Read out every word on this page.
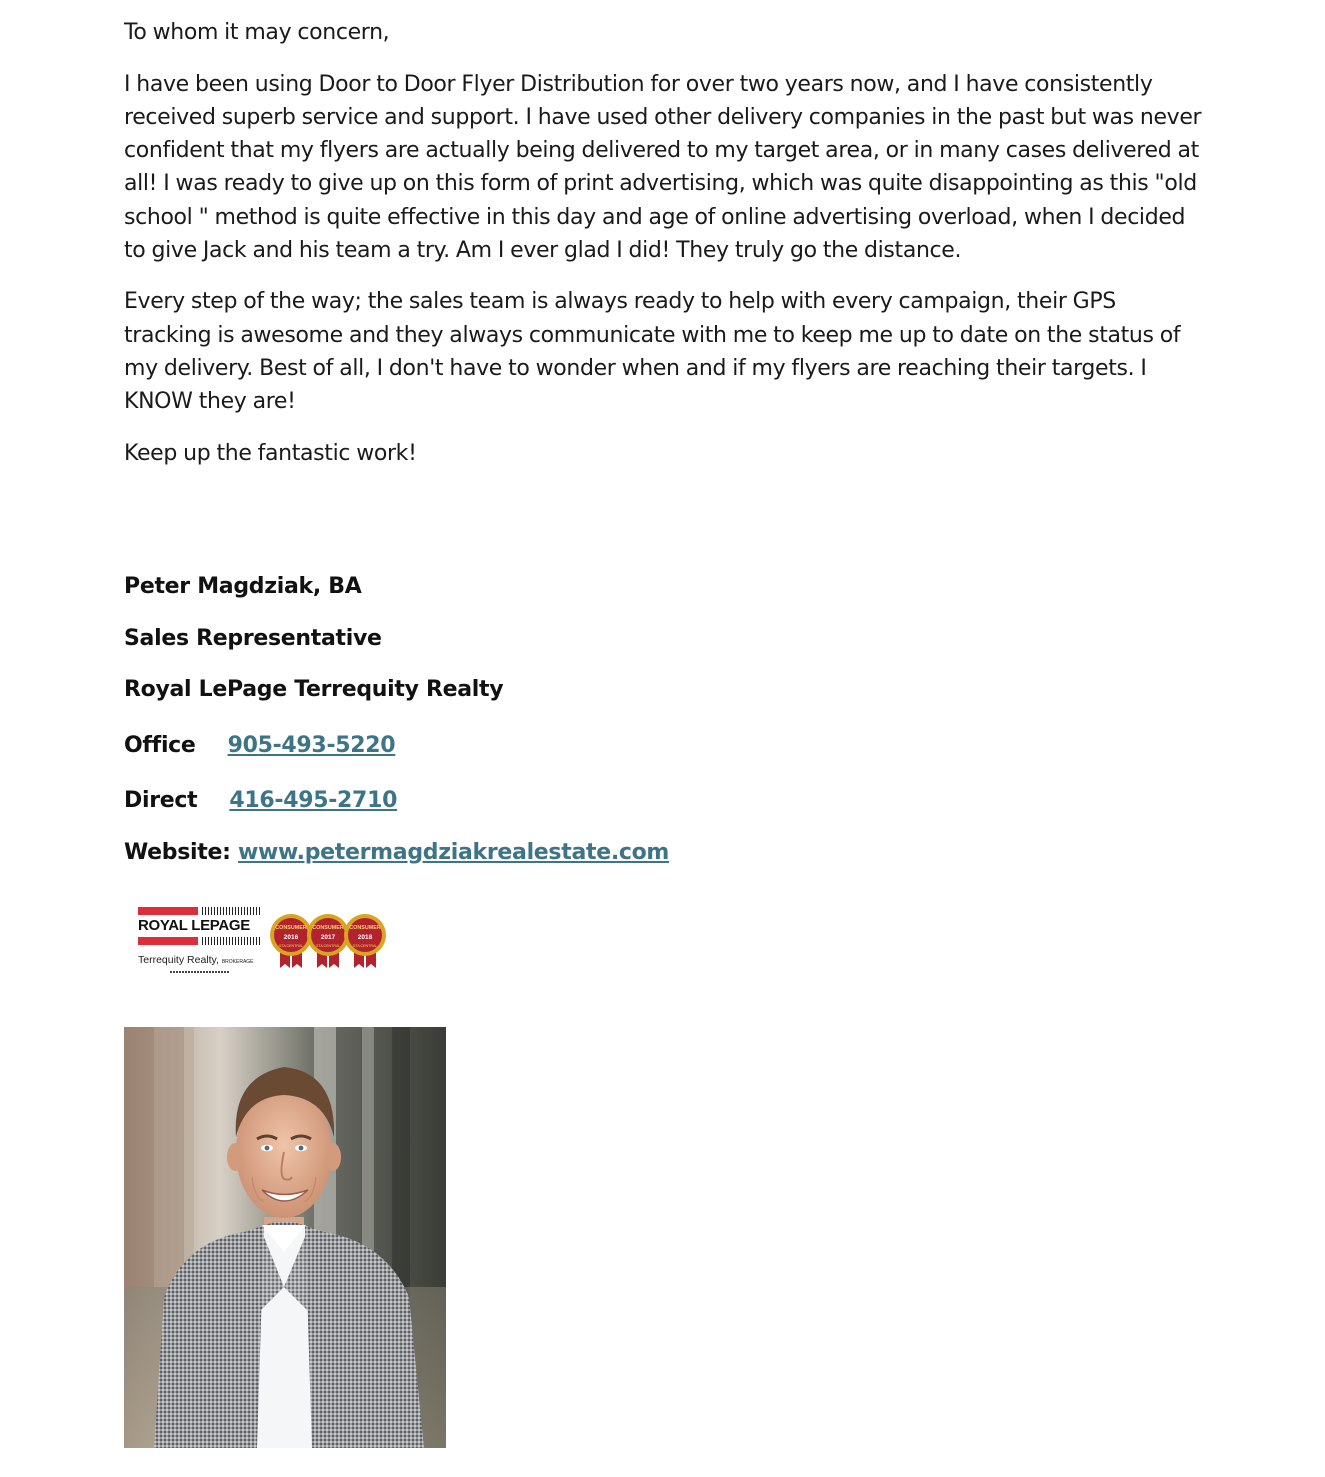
To whom it may concern,

I have been using Door to Door Flyer Distribution for over two years now, and I have consistently received superb service and support. I have used other delivery companies in the past but was never confident that my flyers are actually being delivered to my target area, or in many cases delivered at all! I was ready to give up on this form of print advertising, which was quite disappointing as this "old school " method is quite effective in this day and age of online advertising overload, when I decided to give Jack and his team a try. Am I ever glad I did! They truly go the distance.

Every step of the way; the sales team is always ready to help with every campaign, their GPS tracking is awesome and they always communicate with me to keep me up to date on the status of my delivery. Best of all, I don't have to wonder when and if my flyers are reaching their targets. I KNOW they are!

Keep up the fantastic work!

Peter Magdziak, BA

Sales Representative

Royal LePage Terrequity Realty

Office 905-493-5220

Direct 416-495-2710

Website: www.petermagdziakrealestate.com

ROYAL LEPAGE
Terrequity Realty, BROKERAGE
CONSUMER
2016
GTA CENTRAL
CONSUMER
2017
GTA CENTRAL
CONSUMER
2018
GTA CENTRAL
